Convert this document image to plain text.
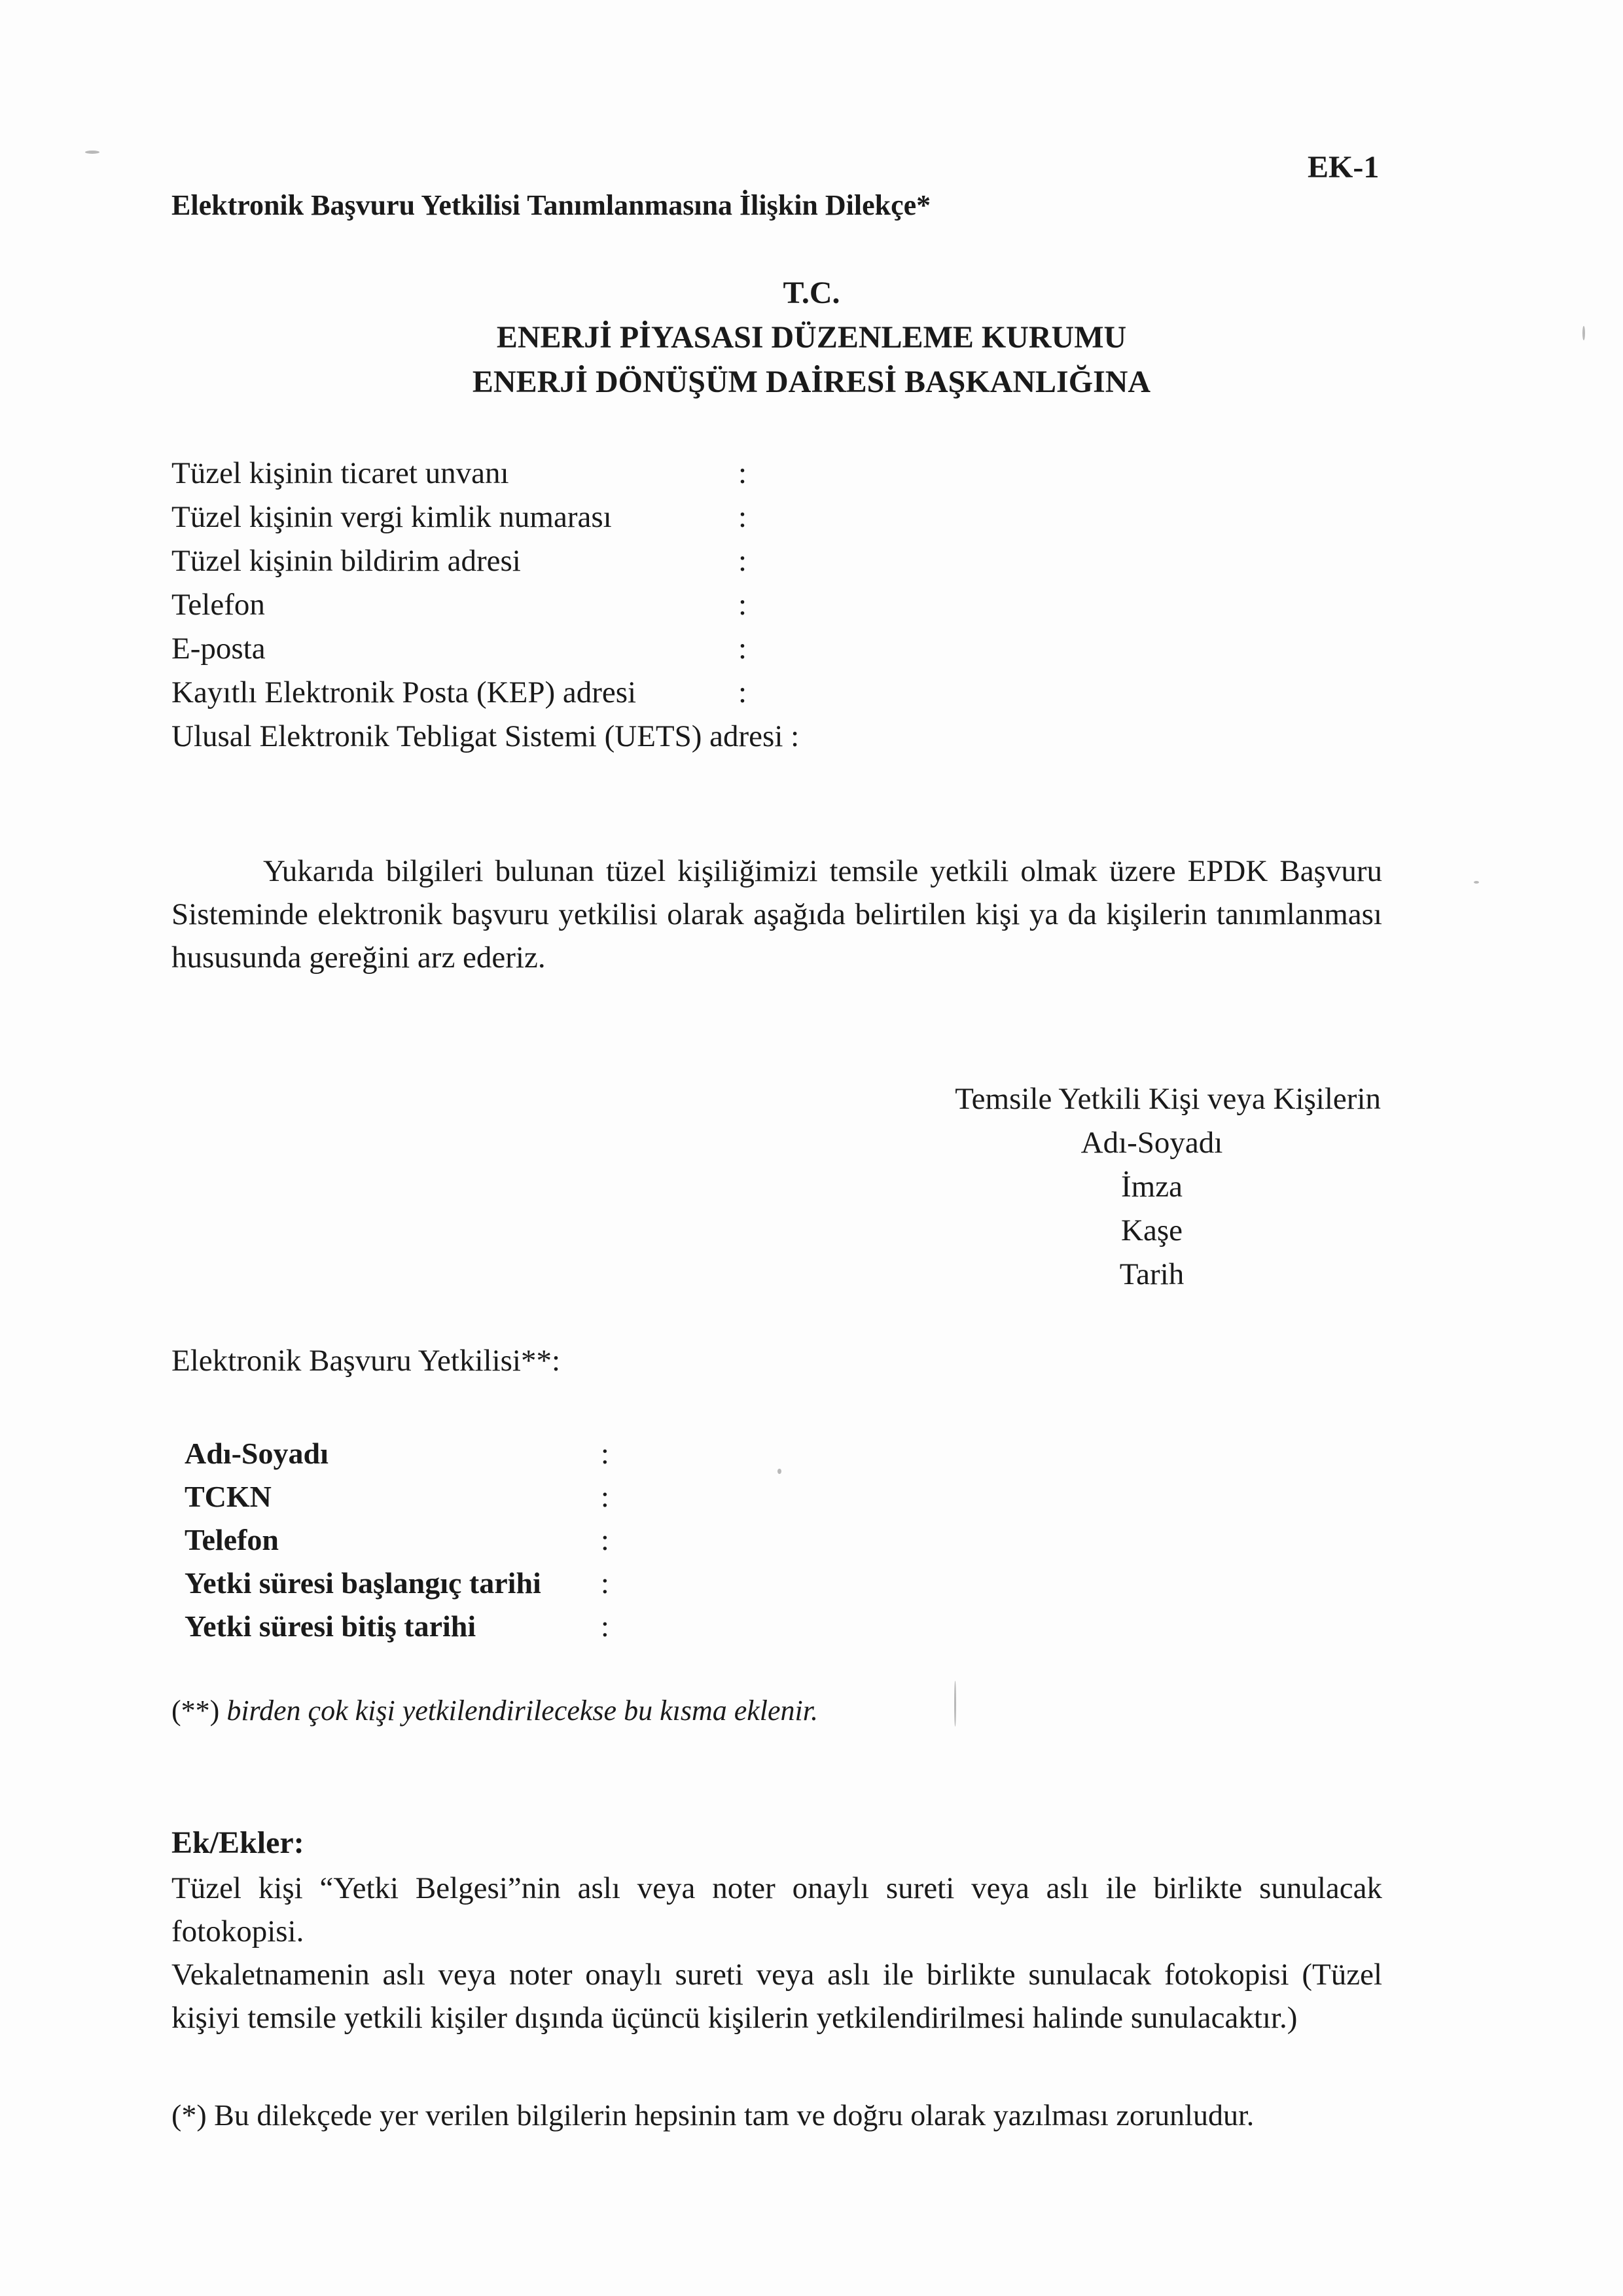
EK-1
Elektronik Başvuru Yetkilisi Tanımlanmasına İlişkin Dilekçe*
T.C.
ENERJİ PİYASASI DÜZENLEME KURUMU
ENERJİ DÖNÜŞÜM DAİRESİ BAŞKANLIĞINA
Tüzel kişinin ticaret unvanı	:
Tüzel kişinin vergi kimlik numarası	:
Tüzel kişinin bildirim adresi	:
Telefon	:
E-posta	:
Kayıtlı Elektronik Posta (KEP) adresi	:
Ulusal Elektronik Tebligat Sistemi (UETS) adresi :
Yukarıda bilgileri bulunan tüzel kişiliğimizi temsile yetkili olmak üzere EPDK Başvuru Sisteminde elektronik başvuru yetkilisi olarak aşağıda belirtilen kişi ya da kişilerin tanımlanması hususunda gereğini arz ederiz.
Temsile Yetkili Kişi veya Kişilerin
Adı-Soyadı
İmza
Kaşe
Tarih
Elektronik Başvuru Yetkilisi**:
Adı-Soyadı	:
TCKN	:
Telefon	:
Yetki süresi başlangıç tarihi :
Yetki süresi bitiş tarihi	:
(**) birden çok kişi yetkilendirilecekse bu kısma eklenir.
Ek/Ekler:
Tüzel kişi “Yetki Belgesi”nin aslı veya noter onaylı sureti veya aslı ile birlikte sunulacak fotokopisi.
Vekaletnamenin aslı veya noter onaylı sureti veya aslı ile birlikte sunulacak fotokopisi (Tüzel kişiyi temsile yetkili kişiler dışında üçüncü kişilerin yetkilendirilmesi halinde sunulacaktır.)
(*) Bu dilekçede yer verilen bilgilerin hepsinin tam ve doğru olarak yazılması zorunludur.
